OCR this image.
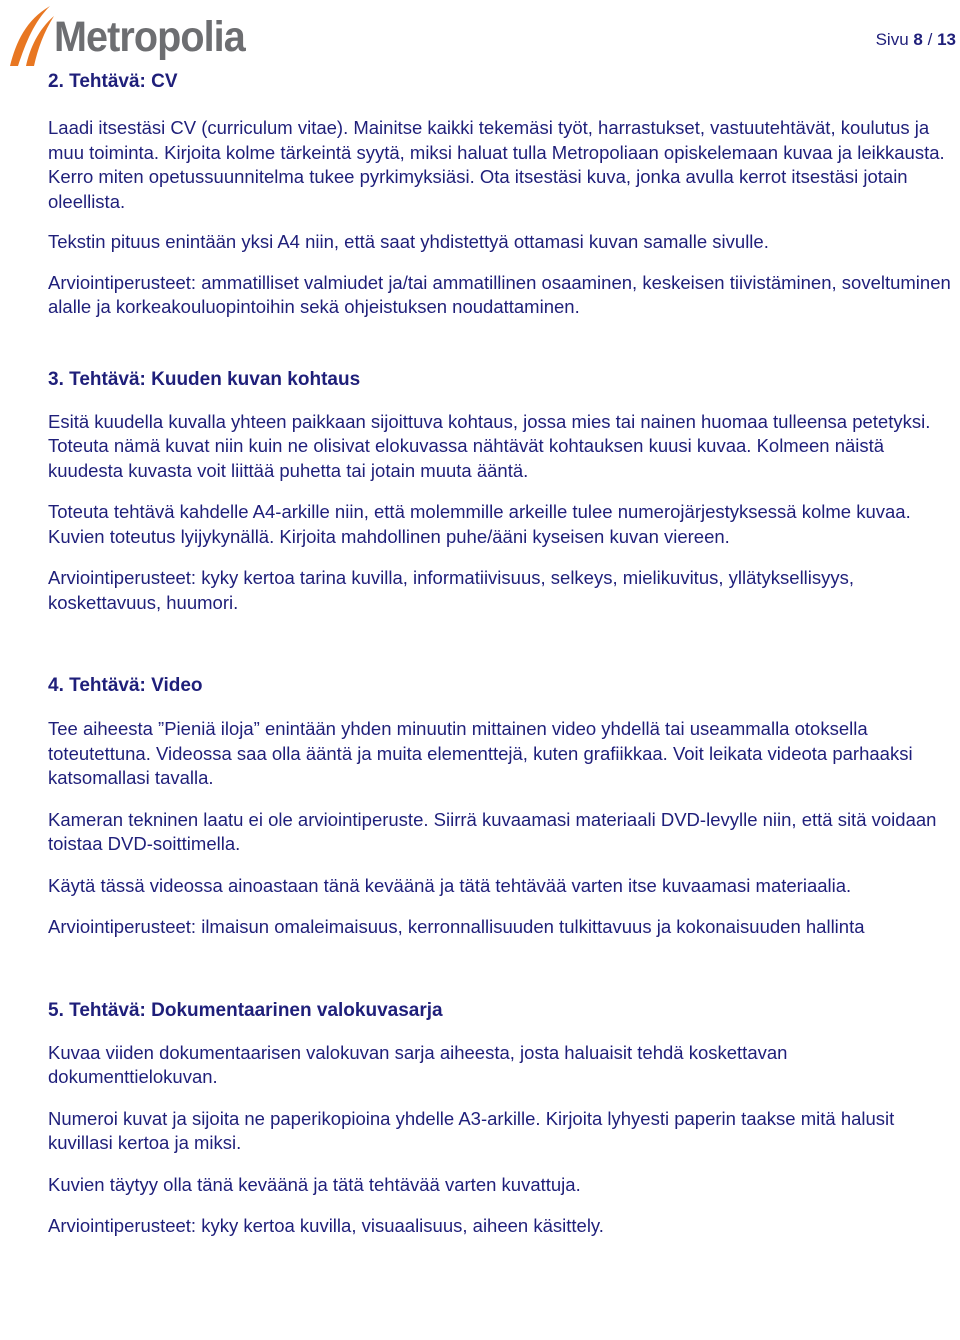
Metropolia	Sivu 8 / 13
2. Tehtävä: CV

Laadi itsestäsi CV (curriculum vitae). Mainitse kaikki tekemäsi työt, harrastukset, vastuutehtävät, koulutus ja muu toiminta. Kirjoita kolme tärkeintä syytä, miksi haluat tulla Metropoliaan opiskelemaan kuvaa ja leikkausta. Kerro miten opetussuunnitelma tukee pyrkimyksiäsi. Ota itsestäsi kuva, jonka avulla kerrot itsestäsi jotain oleellista.

Tekstin pituus enintään yksi A4 niin, että saat yhdistettyä ottamasi kuvan samalle sivulle.

Arviointiperusteet: ammatilliset valmiudet ja/tai ammatillinen osaaminen, keskeisen tiivistäminen, soveltuminen alalle ja korkeakouluopintoihin sekä ohjeistuksen noudattaminen.

3. Tehtävä: Kuuden kuvan kohtaus

Esitä kuudella kuvalla yhteen paikkaan sijoittuva kohtaus, jossa mies tai nainen huomaa tulleensa petetyksi. Toteuta nämä kuvat niin kuin ne olisivat elokuvassa nähtävät kohtauksen kuusi kuvaa. Kolmeen näistä kuudesta kuvasta voit liittää puhetta tai jotain muuta ääntä.

Toteuta tehtävä kahdelle A4-arkille niin, että molemmille arkeille tulee numerojärjestyksessä kolme kuvaa. Kuvien toteutus lyijykynällä. Kirjoita mahdollinen puhe/ääni kyseisen kuvan viereen.

Arviointiperusteet: kyky kertoa tarina kuvilla, informatiivisuus, selkeys, mielikuvitus, yllätyksellisyys, koskettavuus, huumori.

4. Tehtävä: Video

Tee aiheesta ”Pieniä iloja” enintään yhden minuutin mittainen video yhdellä tai useammalla otoksella toteutettuna. Videossa saa olla ääntä ja muita elementtejä, kuten grafiikkaa. Voit leikata videota parhaaksi katsomallasi tavalla.

Kameran tekninen laatu ei ole arviointiperuste. Siirrä kuvaamasi materiaali DVD-levylle niin, että sitä voidaan toistaa DVD-soittimella.

Käytä tässä videossa ainoastaan tänä keväänä ja tätä tehtävää varten itse kuvaamasi materiaalia.

Arviointiperusteet: ilmaisun omaleimaisuus, kerronnallisuuden tulkittavuus ja kokonaisuuden hallinta

5. Tehtävä: Dokumentaarinen valokuvasarja

Kuvaa viiden dokumentaarisen valokuvan sarja aiheesta, josta haluaisit tehdä koskettavan dokumenttielokuvan.

Numeroi kuvat ja sijoita ne paperikopioina yhdelle A3-arkille. Kirjoita lyhyesti paperin taakse mitä halusit kuvillasi kertoa ja miksi.

Kuvien täytyy olla tänä keväänä ja tätä tehtävää varten kuvattuja.

Arviointiperusteet: kyky kertoa kuvilla, visuaalisuus, aiheen käsittely.
